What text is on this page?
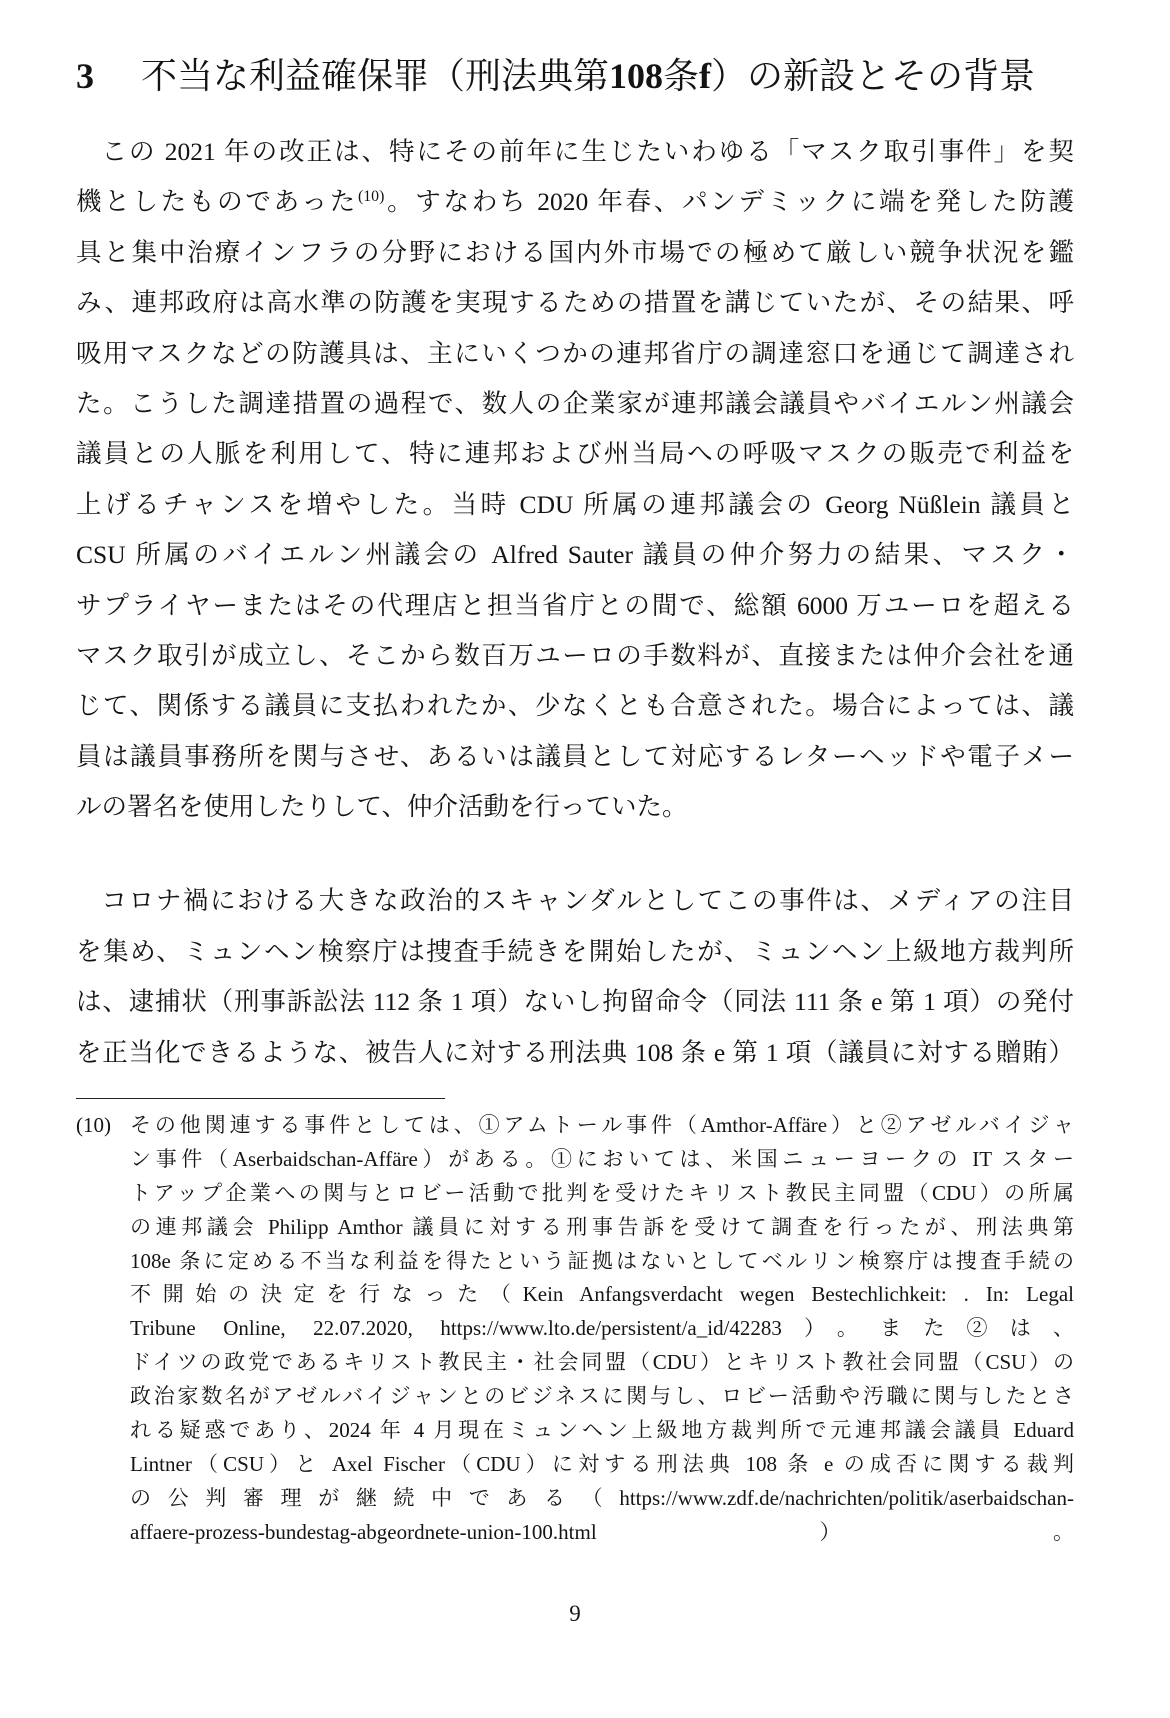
3 不当な利益確保罪（刑法典第108条f）の新設とその背景
この 2021 年の改正は、特にその前年に生じたいわゆる「マスク取引事件」を契
機としたものであった$^{(10)}$。すなわち 2020 年春、パンデミックに端を発した防護
具と集中治療インフラの分野における国内外市場での極めて厳しい競争状況を鑑
み、連邦政府は高水準の防護を実現するための措置を講じていたが、その結果、呼
吸用マスクなどの防護具は、主にいくつかの連邦省庁の調達窓口を通じて調達され
た。こうした調達措置の過程で、数人の企業家が連邦議会議員やバイエルン州議会
議員との人脈を利用して、特に連邦および州当局への呼吸マスクの販売で利益を
上げるチャンスを増やした。当時 CDU 所属の連邦議会の Georg Nüßlein 議員と
CSU 所属のバイエルン州議会の Alfred Sauter 議員の仲介努力の結果、マスク・
サプライヤーまたはその代理店と担当省庁との間で、総額 6000 万ユーロを超える
マスク取引が成立し、そこから数百万ユーロの手数料が、直接または仲介会社を通
じて、関係する議員に支払われたか、少なくとも合意された。場合によっては、議
員は議員事務所を関与させ、あるいは議員として対応するレターヘッドや電子メー
ルの署名を使用したりして、仲介活動を行っていた。
コロナ禍における大きな政治的スキャンダルとしてこの事件は、メディアの注目
を集め、ミュンヘン検察庁は捜査手続きを開始したが、ミュンヘン上級地方裁判所
は、逮捕状（刑事訴訟法 112 条 1 項）ないし拘留命令（同法 111 条 e 第 1 項）の発付
を正当化できるような、被告人に対する刑法典 108 条 e 第 1 項（議員に対する贈賄）
(10) その他関連する事件としては、①アムトール事件（Amthor-Affäre）と②アゼルバイジャ
ン事件（Aserbaidschan-Affäre）がある。①においては、米国ニューヨークの IT スター
トアップ企業への関与とロビー活動で批判を受けたキリスト教民主同盟（CDU）の所属
の連邦議会 Philipp Amthor 議員に対する刑事告訴を受けて調査を行ったが、刑法典第
108e 条に定める不当な利益を得たという証拠はないとしてベルリン検察庁は捜査手続の
不開始の決定を行なった（Kein Anfangsverdacht wegen Bestechlichkeit: . In: Legal
Tribune Online, 22.07.2020, https://www.lto.de/persistent/a_id/42283）。また②は、
ドイツの政党であるキリスト教民主・社会同盟（CDU）とキリスト教社会同盟（CSU）の
政治家数名がアゼルバイジャンとのビジネスに関与し、ロビー活動や汚職に関与したとさ
れる疑惑であり、2024 年 4 月現在ミュンヘン上級地方裁判所で元連邦議会議員 Eduard
Lintner（CSU）と Axel Fischer（CDU）に対する刑法典 108 条 e の成否に関する裁判
の公判審理が継続中である（https://www.zdf.de/nachrichten/politik/aserbaidschan-
affaere-prozess-bundestag-abgeordnete-union-100.html）。
9
